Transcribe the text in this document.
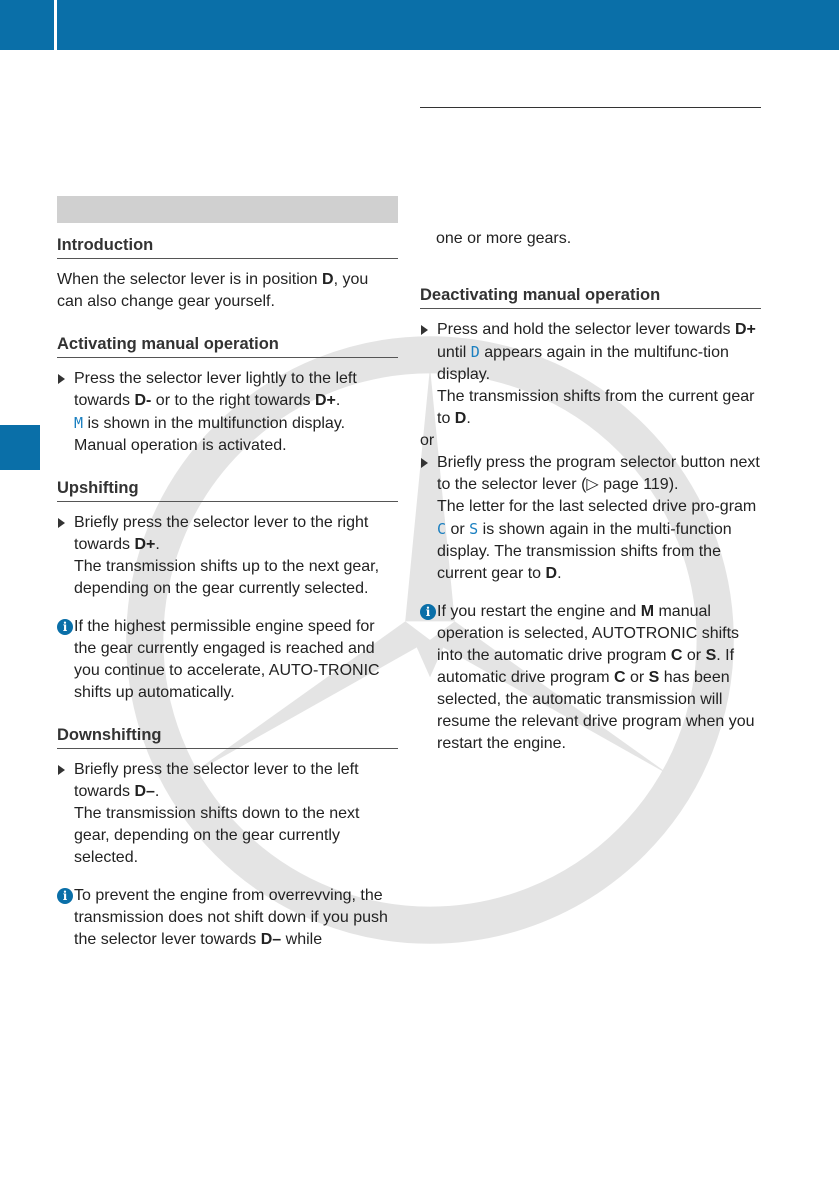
Introduction

When the selector lever is in position D, you can also change gear yourself.

Activating manual operation
Press the selector lever lightly to the left towards D- or to the right towards D+.
M is shown in the multifunction display.
Manual operation is activated.
Upshifting
Briefly press the selector lever to the right towards D+.
The transmission shifts up to the next gear, depending on the gear currently selected.
i If the highest permissible engine speed for the gear currently engaged is reached and you continue to accelerate, AUTO-TRONIC shifts up automatically.
Downshifting
Briefly press the selector lever to the left towards D–.
The transmission shifts down to the next gear, depending on the gear currently selected.
i To prevent the engine from overrevving, the transmission does not shift down if you push the selector lever towards D– while

one or more gears.

Deactivating manual operation
Press and hold the selector lever towards D+ until D appears again in the multifunc-tion display.
The transmission shifts from the current gear to D.

or

Briefly press the program selector button next to the selector lever (▷ page 119).
The letter for the last selected drive pro-gram C or S is shown again in the multi-function display. The transmission shifts from the current gear to D.
i If you restart the engine and M manual operation is selected, AUTOTRONIC shifts into the automatic drive program C or S. If automatic drive program C or S has been selected, the automatic transmission will resume the relevant drive program when you restart the engine.
